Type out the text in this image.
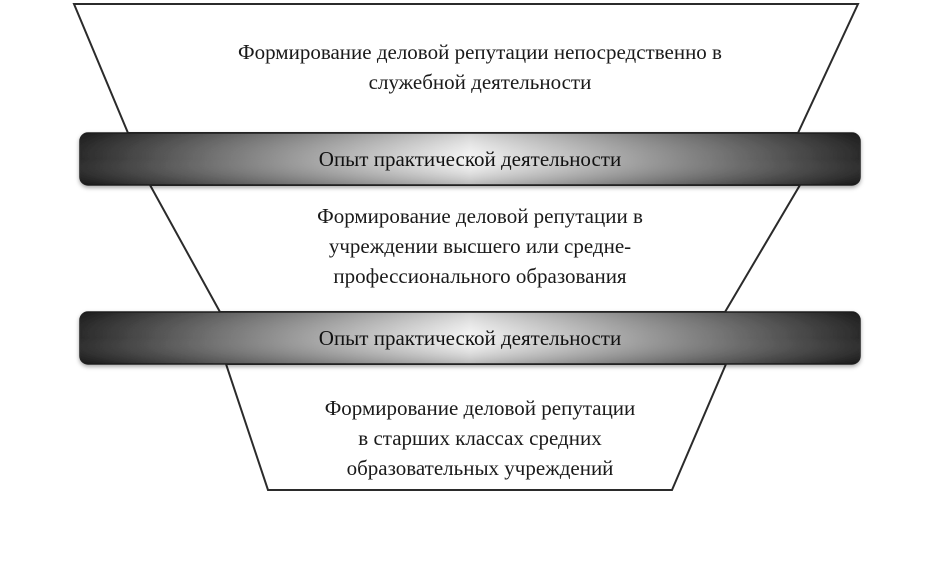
Формирование деловой репутации непосредственно в
служебной деятельности
Опыт практической деятельности
Формирование деловой репутации в
учреждении высшего или средне-
профессионального образования
Опыт практической деятельности
Формирование деловой репутации
в старших классах средних
образовательных учреждений
